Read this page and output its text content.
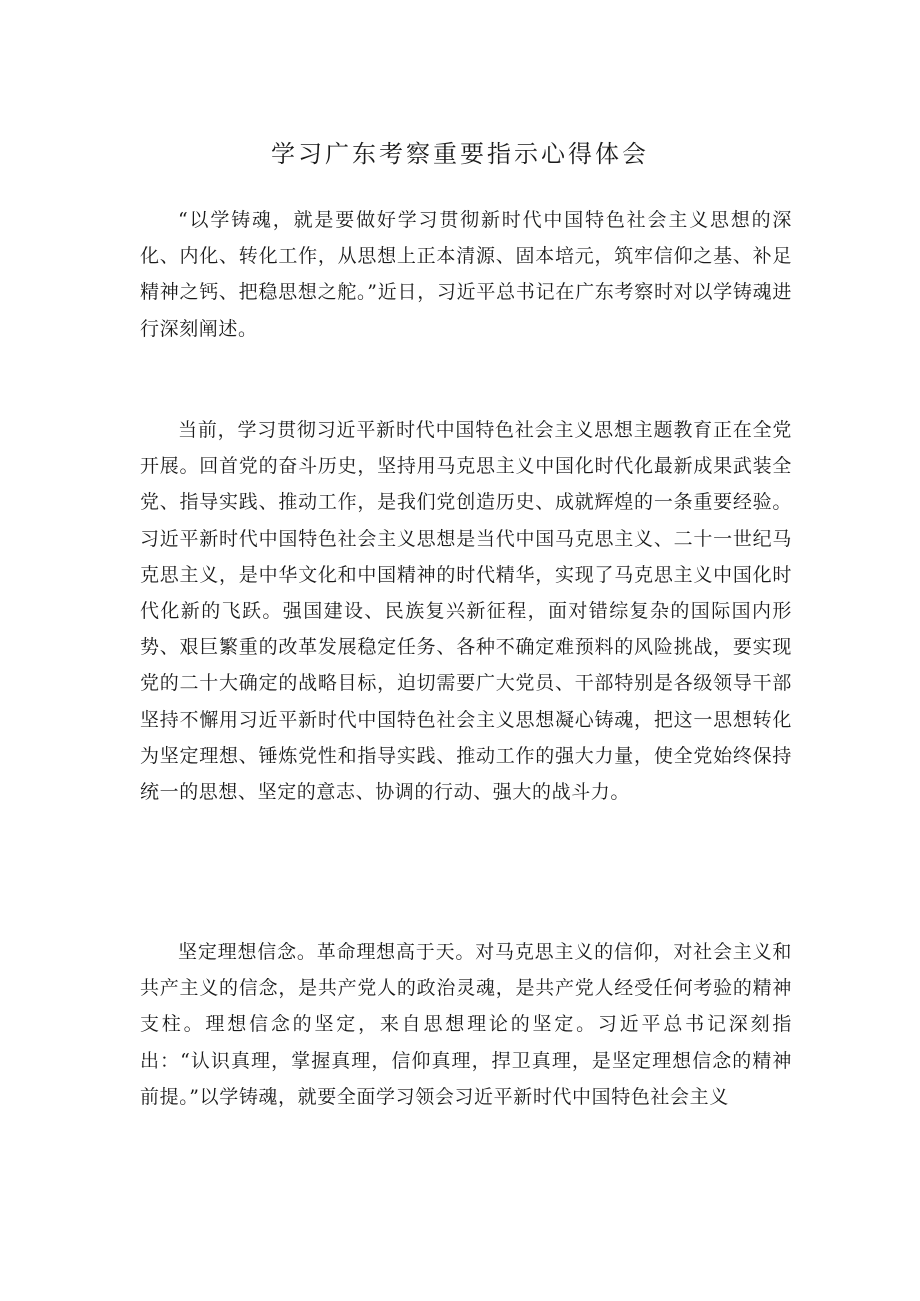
学习广东考察重要指示心得体会

“以学铸魂，就是要做好学习贯彻新时代中国特色社会主义思想的深化、内化、转化工作，从思想上正本清源、固本培元，筑牢信仰之基、补足精神之钙、把稳思想之舵。”近日，习近平总书记在广东考察时对以学铸魂进行深刻阐述。

当前，学习贯彻习近平新时代中国特色社会主义思想主题教育正在全党开展。回首党的奋斗历史，坚持用马克思主义中国化时代化最新成果武装全党、指导实践、推动工作，是我们党创造历史、成就辉煌的一条重要经验。习近平新时代中国特色社会主义思想是当代中国马克思主义、二十一世纪马克思主义，是中华文化和中国精神的时代精华，实现了马克思主义中国化时代化新的飞跃。强国建设、民族复兴新征程，面对错综复杂的国际国内形势、艰巨繁重的改革发展稳定任务、各种不确定难预料的风险挑战，要实现党的二十大确定的战略目标，迫切需要广大党员、干部特别是各级领导干部坚持不懈用习近平新时代中国特色社会主义思想凝心铸魂，把这一思想转化为坚定理想、锤炼党性和指导实践、推动工作的强大力量，使全党始终保持统一的思想、坚定的意志、协调的行动、强大的战斗力。

坚定理想信念。革命理想高于天。对马克思主义的信仰，对社会主义和共产主义的信念，是共产党人的政治灵魂，是共产党人经受任何考验的精神支柱。理想信念的坚定，来自思想理论的坚定。习近平总书记深刻指出：“认识真理，掌握真理，信仰真理，捍卫真理，是坚定理想信念的精神前提。”以学铸魂，就要全面学习领会习近平新时代中国特色社会主义
